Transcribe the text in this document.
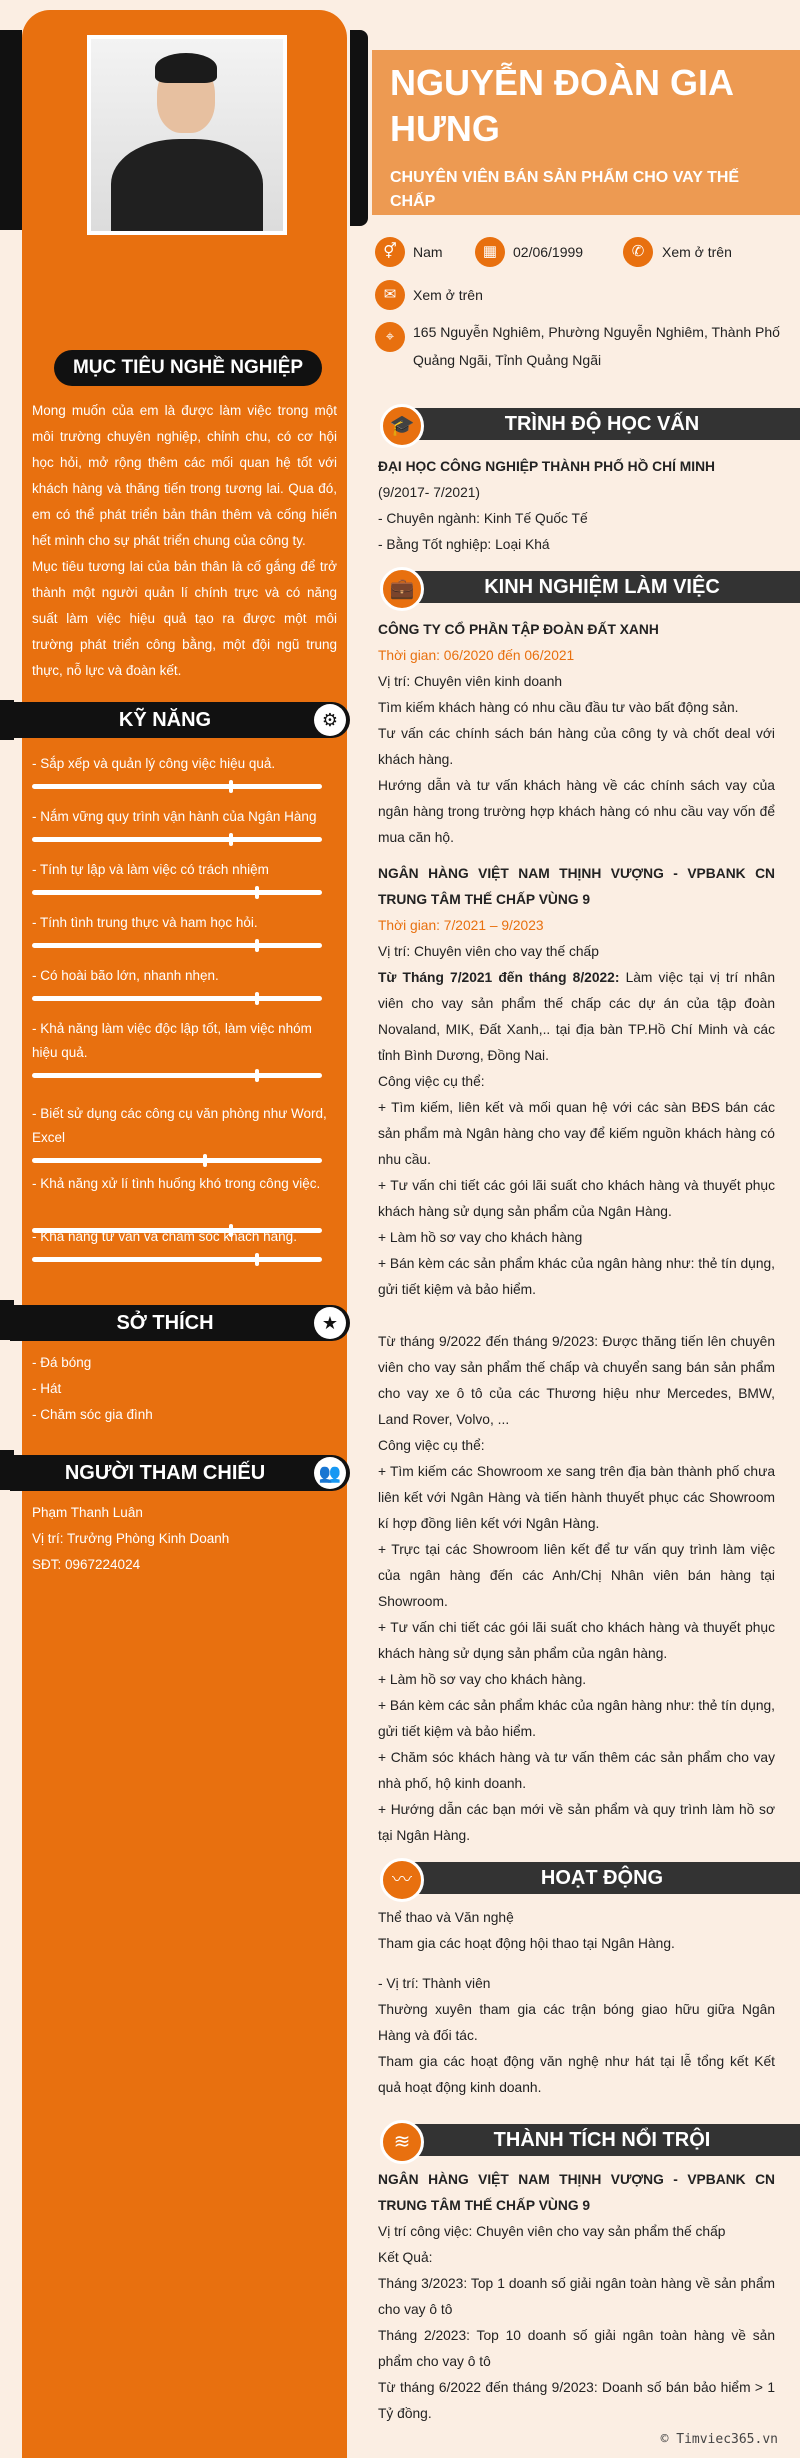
MỤC TIÊU NGHỀ NGHIỆP

Mong muốn của em là được làm việc trong một môi trường chuyên nghiệp, chỉnh chu, có cơ hội học hỏi, mở rộng thêm các mối quan hệ tốt với khách hàng và thăng tiến trong tương lai. Qua đó, em có thể phát triển bản thân thêm và cống hiến hết mình cho sự phát triển chung của công ty.

Mục tiêu tương lai của bản thân là cố gắng để trở thành một người quản lí chính trực và có năng suất làm việc hiệu quả tạo ra được một môi trường phát triển công bằng, một đội ngũ trung thực, nỗ lực và đoàn kết.

KỸ NĂNG	⚙
- Sắp xếp và quản lý công việc hiệu quả.
- Nắm vững quy trình vận hành của Ngân Hàng
- Tính tự lập và làm việc có trách nhiệm
- Tính tình trung thực và ham học hỏi.
- Có hoài bão lớn, nhanh nhẹn.
- Khả năng làm việc độc lập tốt, làm việc nhóm hiệu quả.
- Biết sử dụng các công cụ văn phòng như Word, Excel
- Khả năng xử lí tình huống khó trong công việc.
- Khả năng tư vấn và chăm sóc khách hàng.
SỞ THÍCH	★
- Đá bóng
- Hát
- Chăm sóc gia đình
NGƯỜI THAM CHIẾU	👥
Phạm Thanh Luân
Vị trí: Trưởng Phòng Kinh Doanh
SĐT: 0967224024
NGUYỄN ĐOÀN GIA HƯNG
CHUYÊN VIÊN BÁN SẢN PHẨM CHO VAY THẾ CHẤP
⚥	Nam	▦	02/06/1999	✆	Xem ở trên
✉	Xem ở trên
⌖	165 Nguyễn Nghiêm, Phường Nguyễn Nghiêm, Thành Phố Quảng Ngãi, Tỉnh Quảng Ngãi
TRÌNH ĐỘ HỌC VẤN
🎓
ĐẠI HỌC CÔNG NGHIỆP THÀNH PHỐ HỒ CHÍ MINH
(9/2017- 7/2021)
- Chuyên ngành: Kinh Tế Quốc Tế
- Bằng Tốt nghiệp: Loại Khá
KINH NGHIỆM LÀM VIỆC
💼
CÔNG TY CỔ PHẦN TẬP ĐOÀN ĐẤT XANH
Thời gian: 06/2020 đến 06/2021
Vị trí: Chuyên viên kinh doanh
Tìm kiếm khách hàng có nhu cầu đầu tư vào bất động sản.
Tư vấn các chính sách bán hàng của công ty và chốt deal với khách hàng.
Hướng dẫn và tư vấn khách hàng về các chính sách vay của ngân hàng trong trường hợp khách hàng có nhu cầu vay vốn để mua căn hộ.
NGÂN HÀNG VIỆT NAM THỊNH VƯỢNG - VPBANK CN TRUNG TÂM THẾ CHẤP VÙNG 9
Thời gian: 7/2021 – 9/2023
Vị trí: Chuyên viên cho vay thế chấp
Từ Tháng 7/2021 đến tháng 8/2022: Làm việc tại vị trí nhân viên cho vay sản phẩm thế chấp các dự án của tập đoàn Novaland, MIK, Đất Xanh,.. tại địa bàn TP.Hồ Chí Minh và các tỉnh Bình Dương, Đồng Nai.
Công việc cụ thể:
+ Tìm kiếm, liên kết và mối quan hệ với các sàn BĐS bán các sản phẩm mà Ngân hàng cho vay để kiếm nguồn khách hàng có nhu cầu.
+ Tư vấn chi tiết các gói lãi suất cho khách hàng và thuyết phục khách hàng sử dụng sản phẩm của Ngân Hàng.
+ Làm hồ sơ vay cho khách hàng
+ Bán kèm các sản phẩm khác của ngân hàng như: thẻ tín dụng, gửi tiết kiệm và bảo hiểm.
Từ tháng 9/2022 đến tháng 9/2023: Được thăng tiến lên chuyên viên cho vay sản phẩm thế chấp và chuyển sang bán sản phẩm cho vay xe ô tô của các Thương hiệu như Mercedes, BMW, Land Rover, Volvo, ...
Công việc cụ thể:
+ Tìm kiếm các Showroom xe sang trên địa bàn thành phố chưa liên kết với Ngân Hàng và tiến hành thuyết phục các Showroom kí hợp đồng liên kết với Ngân Hàng.
+ Trực tại các Showroom liên kết để tư vấn quy trình làm việc của ngân hàng đến các Anh/Chị Nhân viên bán hàng tại Showroom.
+ Tư vấn chi tiết các gói lãi suất cho khách hàng và thuyết phục khách hàng sử dụng sản phẩm của ngân hàng.
+ Làm hồ sơ vay cho khách hàng.
+ Bán kèm các sản phẩm khác của ngân hàng như: thẻ tín dụng, gửi tiết kiệm và bảo hiểm.
+ Chăm sóc khách hàng và tư vấn thêm các sản phẩm cho vay nhà phố, hộ kinh doanh.
+ Hướng dẫn các bạn mới về sản phẩm và quy trình làm hồ sơ tại Ngân Hàng.
HOẠT ĐỘNG
〰
Thể thao và Văn nghệ
Tham gia các hoạt động hội thao tại Ngân Hàng.
- Vị trí: Thành viên
Thường xuyên tham gia các trận bóng giao hữu giữa Ngân Hàng và đối tác.
Tham gia các hoạt động văn nghệ như hát tại lễ tổng kết Kết quả hoạt động kinh doanh.
THÀNH TÍCH NỔI TRỘI
≋
NGÂN HÀNG VIỆT NAM THỊNH VƯỢNG - VPBANK CN TRUNG TÂM THẾ CHẤP VÙNG 9
Vị trí công việc: Chuyên viên cho vay sản phẩm thế chấp
Kết Quả:
Tháng 3/2023: Top 1 doanh số giải ngân toàn hàng về sản phẩm cho vay ô tô
Tháng 2/2023: Top 10 doanh số giải ngân toàn hàng về sản phẩm cho vay ô tô
Từ tháng 6/2022 đến tháng 9/2023: Doanh số bán bảo hiểm > 1 Tỷ đồng.
© Timviec365.vn
